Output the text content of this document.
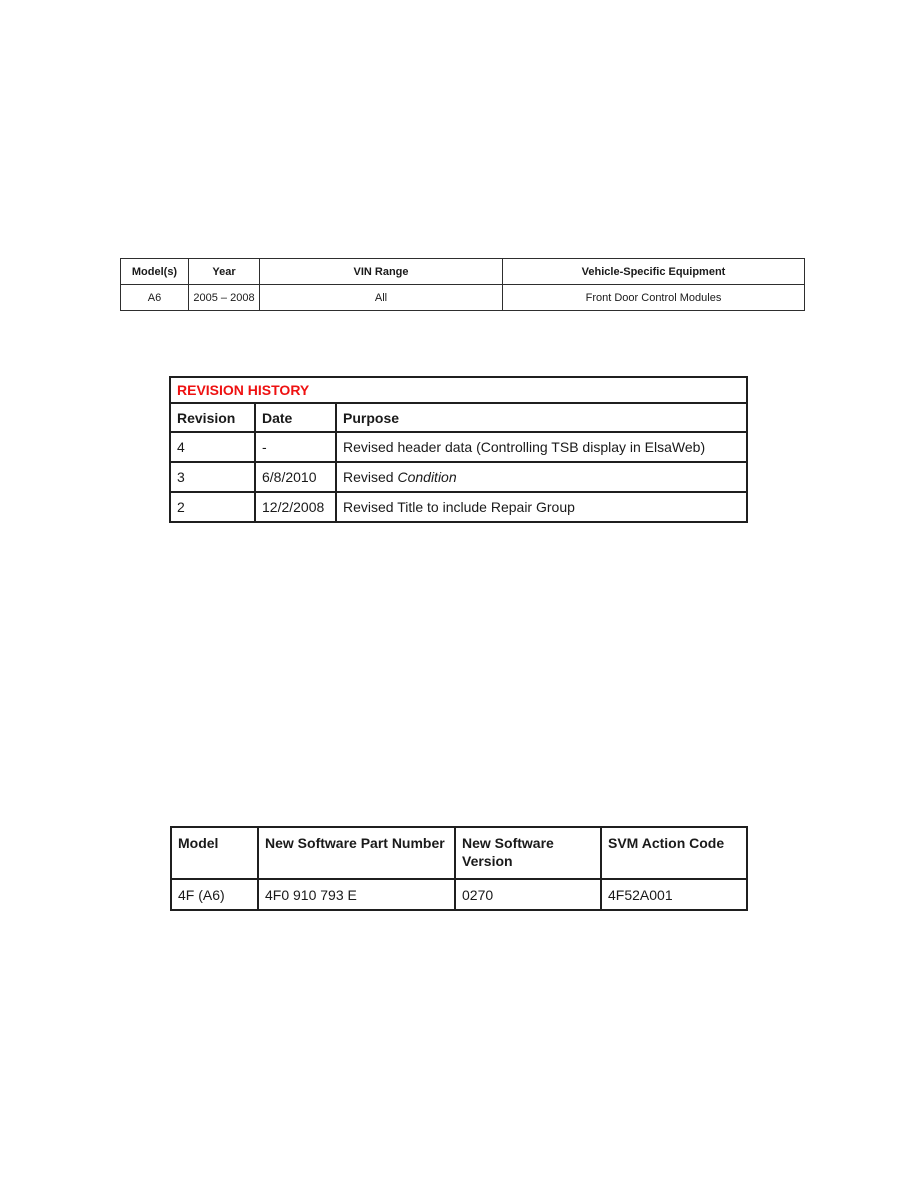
Model(s)	Year	VIN Range	Vehicle-Specific Equipment
A6	2005 – 2008	All	Front Door Control Modules
REVISION HISTORY		
Revision	Date	Purpose
4	-	Revised header data (Controlling TSB display in ElsaWeb)
3	6/8/2010	Revised Condition
2	12/2/2008	Revised Title to include Repair Group
Model	New Software Part Number	New Software Version	SVM Action Code
4F (A6)	4F0 910 793 E	0270	4F52A001
